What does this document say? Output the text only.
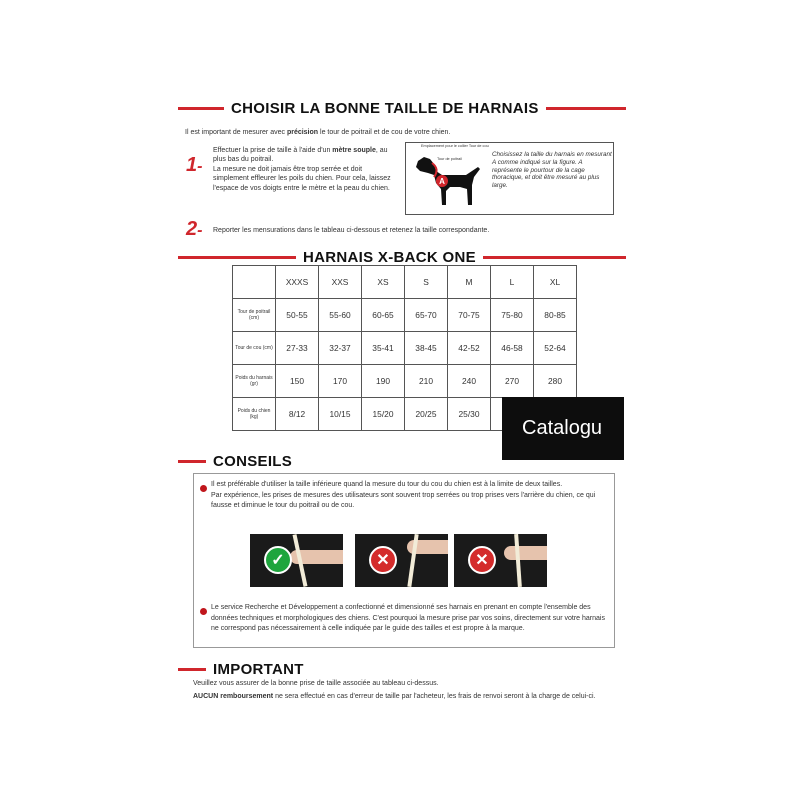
CHOISIR LA BONNE TAILLE DE HARNAIS
Il est important de mesurer avec précision le tour de poitrail et de cou de votre chien.
1-
Effectuer la prise de taille à l'aide d'un mètre souple, au plus bas du poitrail.
La mesure ne doit jamais être trop serrée et doit simplement effleurer les poils du chien. Pour cela, laissez l'espace de vos doigts entre le mètre et la peau du chien.
A
Emplacement pour le collier Tour de cou
Tour de poitrail
Choisissez la taille du harnais en mesurant A comme indiqué sur la figure. A représente le pourtour de la cage thoracique, et doit être mesuré au plus large.
2- Reporter les mensurations dans le tableau ci-dessous et retenez la taille correspondante.
HARNAIS X-BACK ONE
	XXXS	XXS	XS	S	M	L	XL
Tour de poitrail (cm)	50-55	55-60	60-65	65-70	70-75	75-80	80-85
Tour de cou (cm)	27-33	32-37	35-41	38-45	42-52	46-58	52-64
Poids du harnais (gr)	150	170	190	210	240	270	280
Poids du chien (kg)	8/12	10/15	15/20	20/25	25/30		
Catalogu
CONSEILS
Il est préférable d'utiliser la taille inférieure quand la mesure du tour du cou du chien est à la limite de deux tailles.
Par expérience, les prises de mesures des utilisateurs sont souvent trop serrées ou trop prises vers l'arrière du chien, ce qui fausse et diminue le tour du poitrail ou de cou.
✓	✕	✕
Le service Recherche et Développement a confectionné et dimensionné ses harnais en prenant en compte l'ensemble des données techniques et morphologiques des chiens. C'est pourquoi la mesure prise par vos soins, directement sur votre harnais ne correspond pas nécessairement à celle indiquée par le guide des tailles et est propre à la marque.
IMPORTANT
Veuillez vous assurer de la bonne prise de taille associée au tableau ci-dessus.
AUCUN remboursement ne sera effectué en cas d'erreur de taille par l'acheteur, les frais de renvoi seront à la charge de celui-ci.
